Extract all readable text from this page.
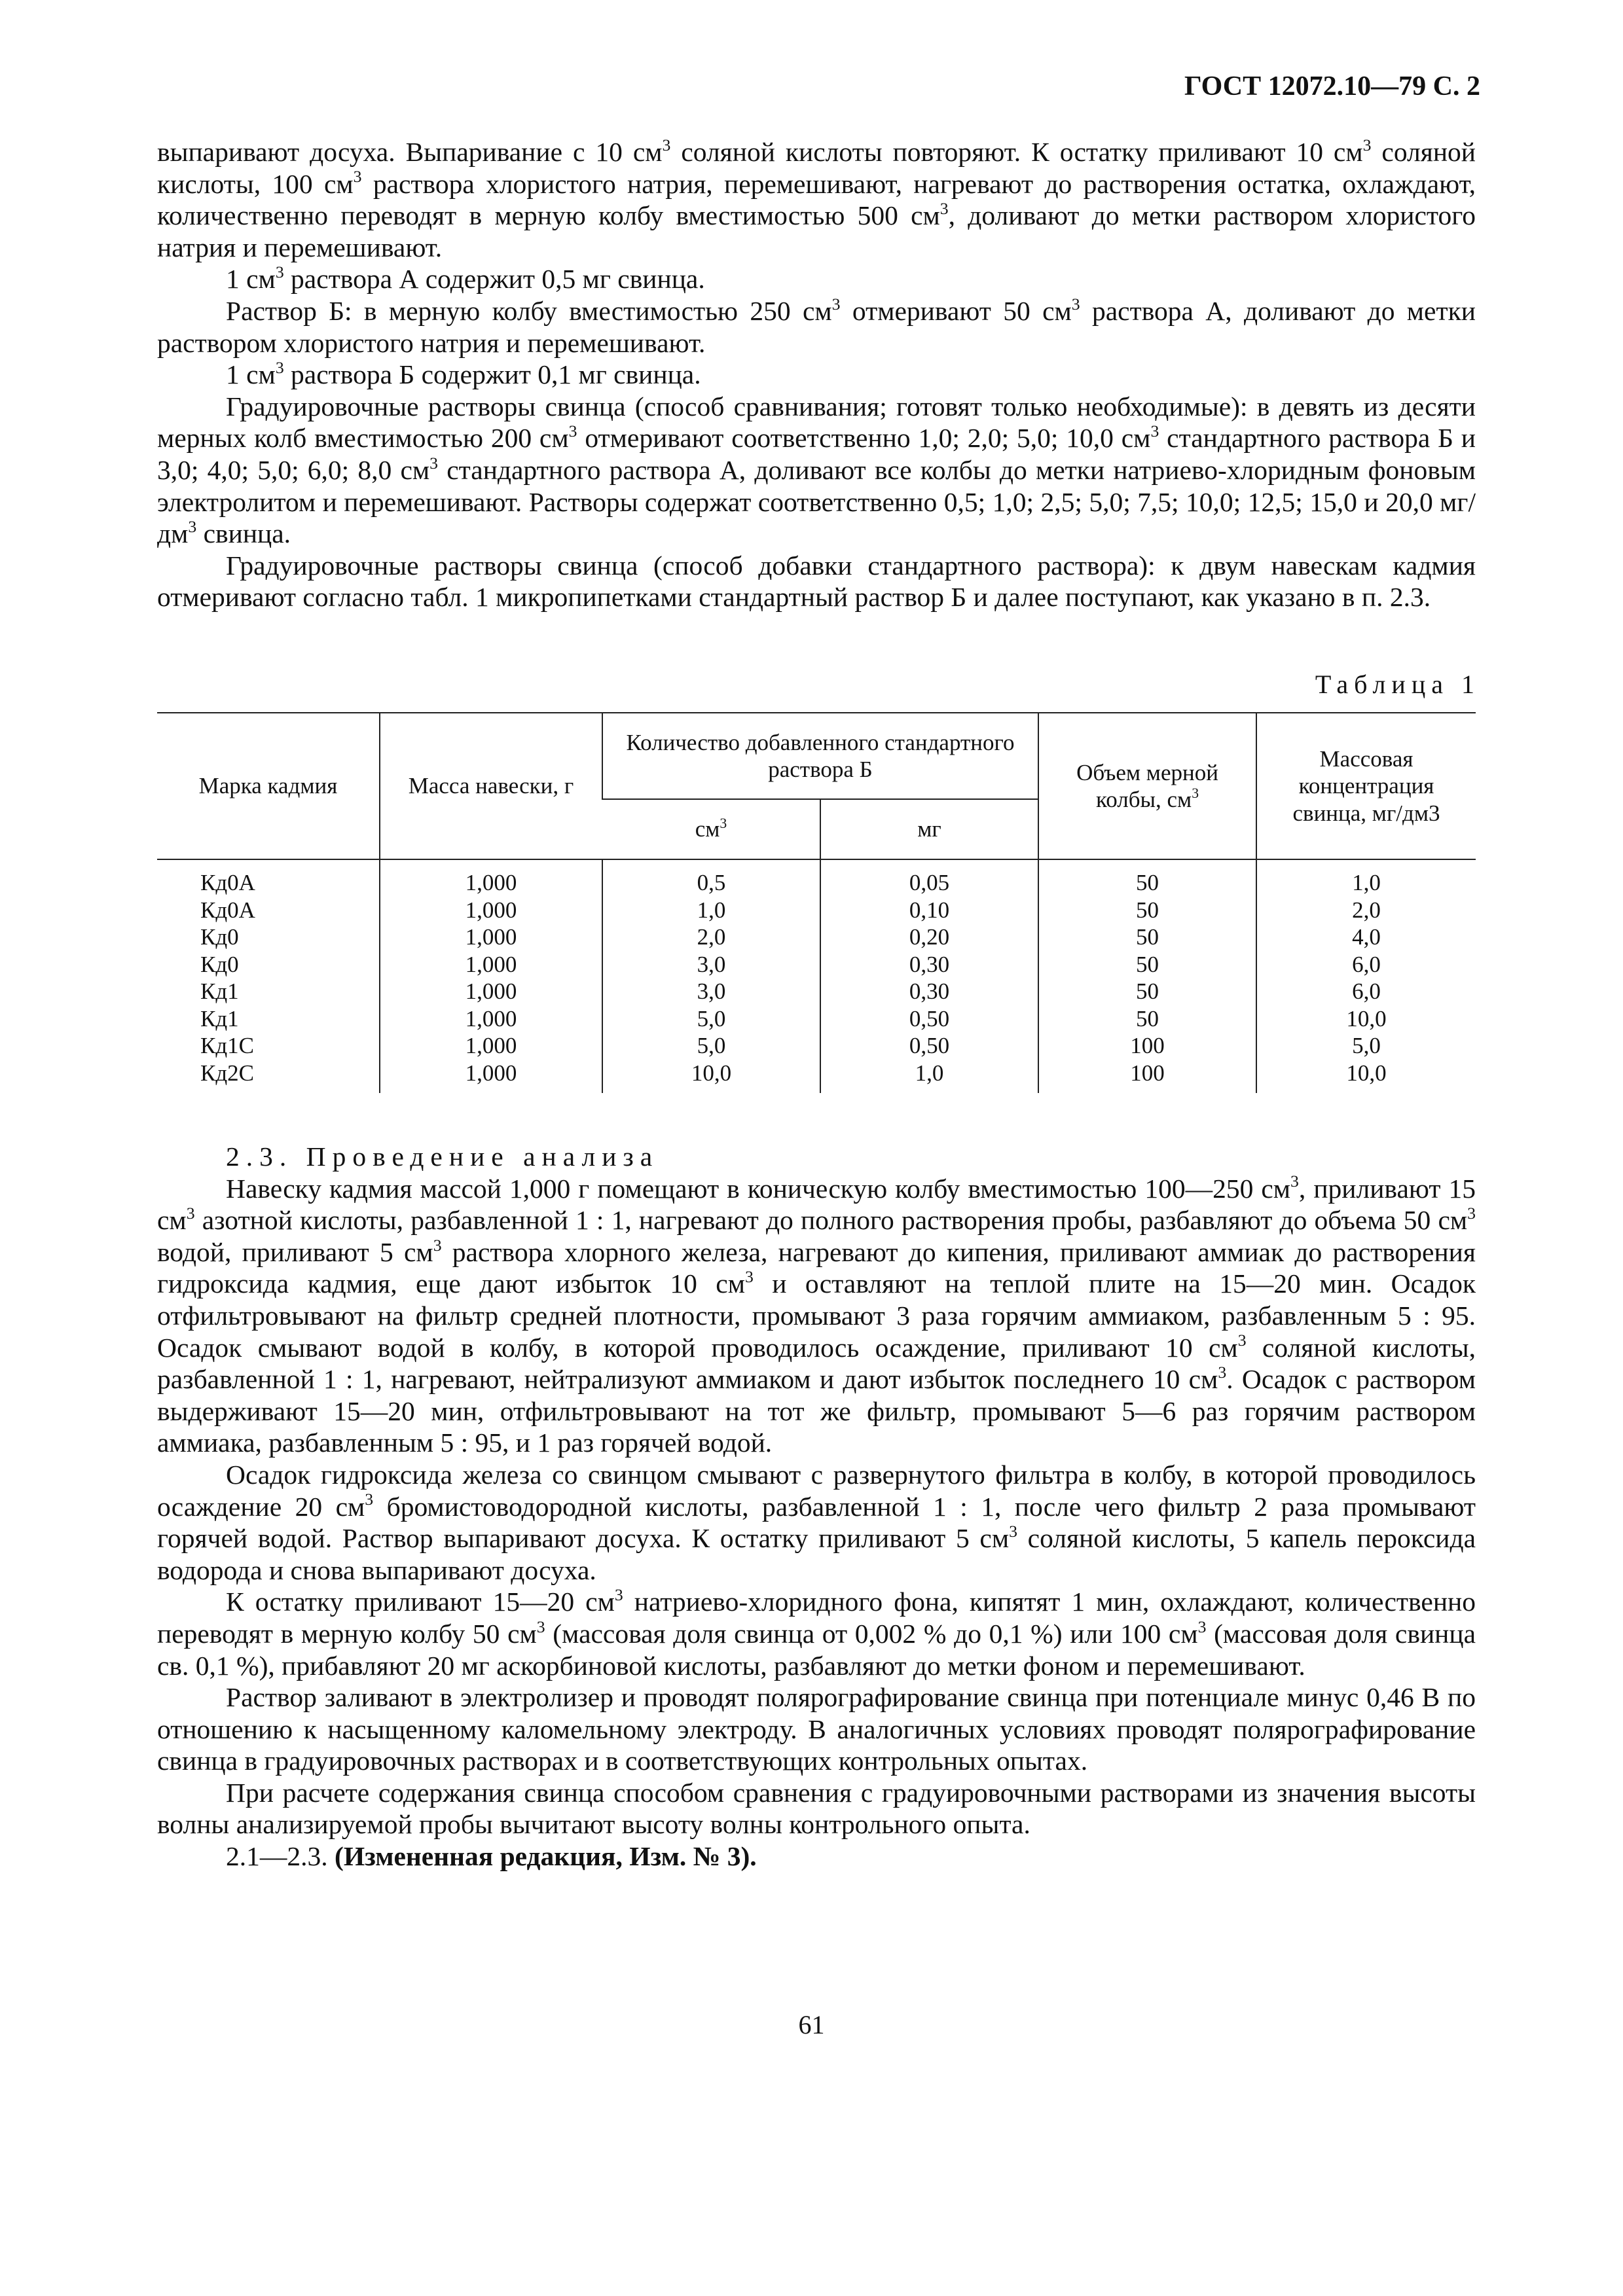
ГОСТ 12072.10—79 С. 2

выпаривают досуха. Выпаривание с 10 $см^3$ соляной кислоты повторяют. К остатку приливают 10 $см^3$ соляной кислоты, 100 $см^3$ раствора хлористого натрия, перемешивают, нагревают до растворения остатка, охлаждают, количественно переводят в мерную колбу вместимостью 500 $см^3$, доливают до метки раствором хлористого натрия и перемешивают.

1 $см^3$ раствора А содержит 0,5 мг свинца.

Раствор Б: в мерную колбу вместимостью 250 $см^3$ отмеривают 50 $см^3$ раствора А, доливают до метки раствором хлористого натрия и перемешивают.

1 $см^3$ раствора Б содержит 0,1 мг свинца.

Градуировочные растворы свинца (способ сравнивания; готовят только необходимые): в девять из десяти мерных колб вместимостью 200 $см^3$ отмеривают соответственно 1,0; 2,0; 5,0; 10,0 $см^3$ стандартного раствора Б и 3,0; 4,0; 5,0; 6,0; 8,0 $см^3$ стандартного раствора А, доливают все колбы до метки натриево-хлоридным фоновым электролитом и перемешивают. Растворы содержат соответственно 0,5; 1,0; 2,5; 5,0; 7,5; 10,0; 12,5; 15,0 и 20,0 $мг/дм^3$ свинца.

Градуировочные растворы свинца (способ добавки стандартного раствора): к двум навескам кадмия отмеривают согласно табл. 1 микропипетками стандартный раствор Б и далее поступают, как указано в п. 2.3.

Таблица 1
Марка кадмия	Масса навески, г	Количество добавленного стандартного раствора Б		Объем мерной колбы, $см^3$	Массовая концентрация свинца, мг/дм3
		$см^3$	мг		
Кд0А	1,000	0,5	0,05	50	1,0
Кд0А	1,000	1,0	0,10	50	2,0
Кд0	1,000	2,0	0,20	50	4,0
Кд0	1,000	3,0	0,30	50	6,0
Кд1	1,000	3,0	0,30	50	6,0
Кд1	1,000	5,0	0,50	50	10,0
Кд1С	1,000	5,0	0,50	100	5,0
Кд2С	1,000	10,0	1,0	100	10,0

2.3. Проведение анализа

Навеску кадмия массой 1,000 г помещают в коническую колбу вместимостью 100—250 $см^3$, приливают 15 $см^3$ азотной кислоты, разбавленной 1 : 1, нагревают до полного растворения пробы, разбавляют до объема 50 $см^3$ водой, приливают 5 $см^3$ раствора хлорного железа, нагревают до кипения, приливают аммиак до растворения гидроксида кадмия, еще дают избыток 10 $см^3$ и оставляют на теплой плите на 15—20 мин. Осадок отфильтровывают на фильтр средней плотности, промывают 3 раза горячим аммиаком, разбавленным 5 : 95. Осадок смывают водой в колбу, в которой проводилось осаждение, приливают 10 $см^3$ соляной кислоты, разбавленной 1 : 1, нагревают, нейтрализуют аммиаком и дают избыток последнего 10 $см^3$. Осадок с раствором выдерживают 15—20 мин, отфильтровывают на тот же фильтр, промывают 5—6 раз горячим раствором аммиака, разбавленным 5 : 95, и 1 раз горячей водой.

Осадок гидроксида железа со свинцом смывают с развернутого фильтра в колбу, в которой проводилось осаждение 20 $см^3$ бромистоводородной кислоты, разбавленной 1 : 1, после чего фильтр 2 раза промывают горячей водой. Раствор выпаривают досуха. К остатку приливают 5 $см^3$ соляной кислоты, 5 капель пероксида водорода и снова выпаривают досуха.

К остатку приливают 15—20 $см^3$ натриево-хлоридного фона, кипятят 1 мин, охлаждают, количественно переводят в мерную колбу 50 $см^3$ (массовая доля свинца от 0,002 % до 0,1 %) или 100 $см^3$ (массовая доля свинца св. 0,1 %), прибавляют 20 мг аскорбиновой кислоты, разбавляют до метки фоном и перемешивают.

Раствор заливают в электролизер и проводят полярографирование свинца при потенциале минус 0,46 В по отношению к насыщенному каломельному электроду. В аналогичных условиях проводят полярографирование свинца в градуировочных растворах и в соответствующих контрольных опытах.

При расчете содержания свинца способом сравнения с градуировочными растворами из значения высоты волны анализируемой пробы вычитают высоту волны контрольного опыта.

2.1—2.3. (Измененная редакция, Изм. № 3).

61
